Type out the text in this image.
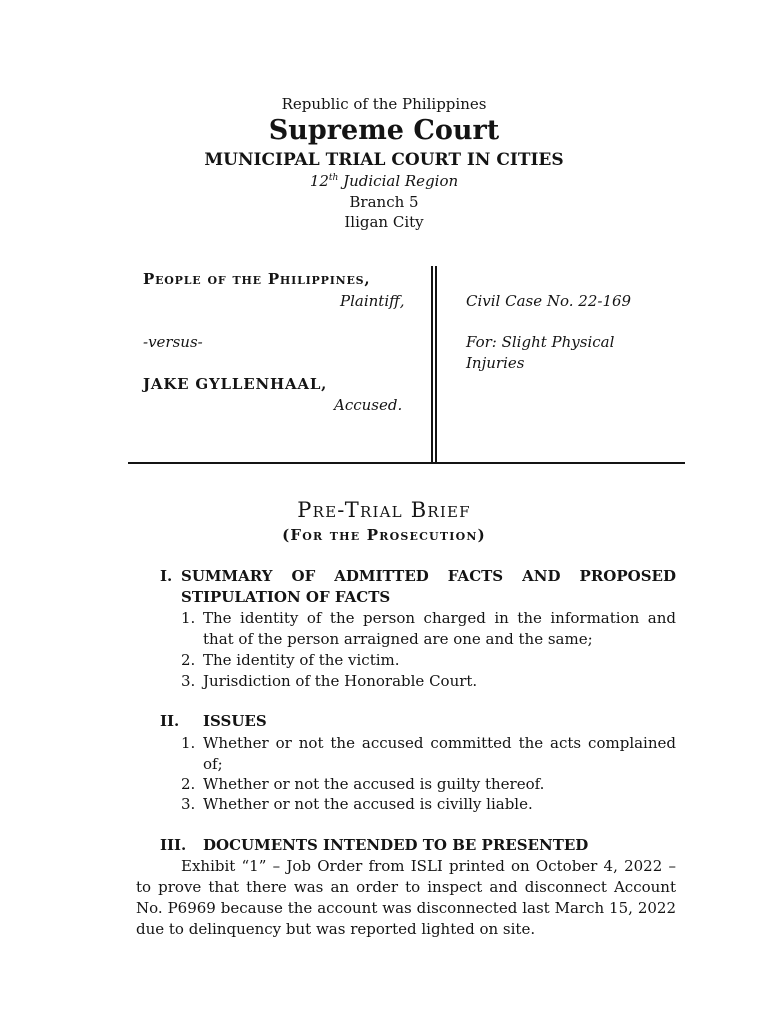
Republic of the Philippines
Supreme Court
MUNICIPAL TRIAL COURT IN CITIES
12th Judicial Region
Branch 5
Iligan City
People of the Philippines,
Plaintiff,
-versus-
JAKE GYLLENHAAL,
Accused.
Civil Case No. 22-169
For: Slight Physical
Injuries
Pre-Trial Brief
(For the Prosecution)
I. SUMMARY OF ADMITTED FACTS AND PROPOSED
STIPULATION OF FACTS
1. The identity of the person charged in the information and
that of the person arraigned are one and the same;
2. The identity of the victim.
3. Jurisdiction of the Honorable Court.
II. ISSUES
1. Whether or not the accused committed the acts complained
of;
2. Whether or not the accused is guilty thereof.
3. Whether or not the accused is civilly liable.
III. DOCUMENTS INTENDED TO BE PRESENTED
Exhibit “1” – Job Order from ISLI printed on October 4, 2022 –
to prove that there was an order to inspect and disconnect Account
No. P6969 because the account was disconnected last March 15, 2022
due to delinquency but was reported lighted on site.
